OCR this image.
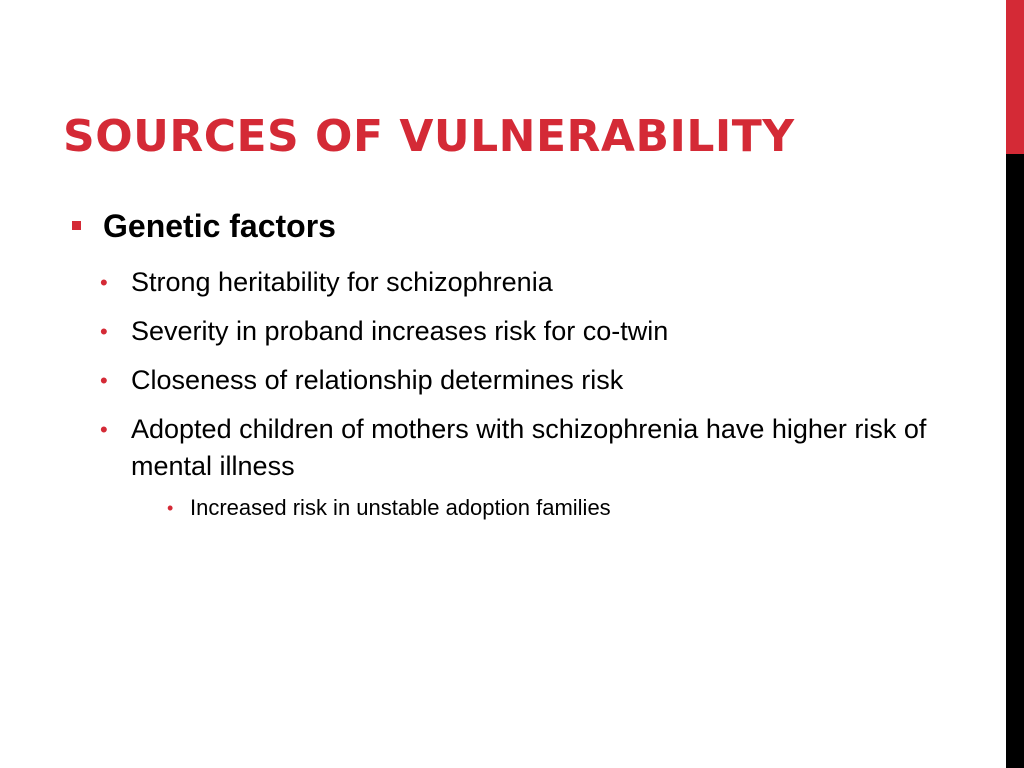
SOURCES OF VULNERABILITY
Genetic factors
• Strong heritability for schizophrenia
• Severity in proband increases risk for co-twin
• Closeness of relationship determines risk
• Adopted children of mothers with schizophrenia have higher risk of mental illness
• Increased risk in unstable adoption families
